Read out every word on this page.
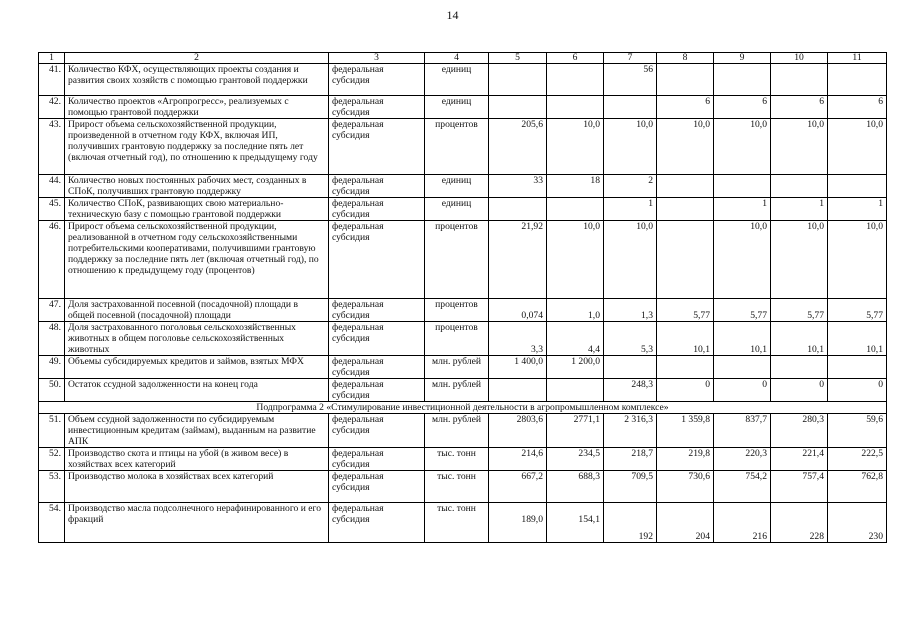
14
1	2	3	4	5	6	7	8	9	10	11
41.	Количество КФХ, осуществляющих проекты создания и развития своих хозяйств с помощью грантовой поддержки	федеральная субсидия	единиц			56				
42.	Количество проектов «Агропрогресс», реализуемых с помощью грантовой поддержки	федеральная субсидия	единиц				6	6	6	6
43.	Прирост объема сельскохозяйственной продукции, произведенной в отчетном году КФХ, включая ИП, получивших грантовую поддержку за последние пять лет (включая отчетный год), по отношению к предыдущему году	федеральная субсидия	процентов	205,6	10,0	10,0	10,0	10,0	10,0	10,0
44.	Количество новых постоянных рабочих мест, созданных в СПоК, получивших грантовую поддержку	федеральная субсидия	единиц	33	18	2				
45.	Количество СПоК, развивающих свою материально-техническую базу с помощью грантовой поддержки	федеральная субсидия	единиц			1		1	1	1
46.	Прирост объема сельскохозяйственной продукции, реализованной в отчетном году сельскохозяйственными потребительскими кооперативами, получившими грантовую поддержку за последние пять лет (включая отчетный год), по отношению к предыдущему году (процентов)	федеральная субсидия	процентов	21,92	10,0	10,0		10,0	10,0	10,0
47.	Доля застрахованной посевной (посадочной) площади в общей посевной (посадочной) площади	федеральная субсидия	процентов	0,074	1,0	1,3	5,77	5,77	5,77	5,77
48.	Доля застрахованного поголовья сельскохозяйственных животных в общем поголовье сельскохозяйственных животных	федеральная субсидия	процентов	3,3	4,4	5,3	10,1	10,1	10,1	10,1
49.	Объемы субсидируемых кредитов и займов, взятых МФХ	федеральная субсидия	млн. рублей	1 400,0	1 200,0					
50.	Остаток ссудной задолженности на конец года	федеральная субсидия	млн. рублей			248,3	0	0	0	0
Подпрограмма 2 «Стимулирование инвестиционной деятельности в агропромышленном комплексе»										
51.	Объем ссудной задолженности по субсидируемым инвестиционным кредитам (займам), выданным на развитие АПК	федеральная субсидия	млн. рублей	2803,6	2771,1	2 316,3	1 359,8	837,7	280,3	59,6
52.	Производство скота и птицы на убой (в живом весе) в хозяйствах всех категорий	федеральная субсидия	тыс. тонн	214,6	234,5	218,7	219,8	220,3	221,4	222,5
53.	Производство молока в хозяйствах всех категорий	федеральная субсидия	тыс. тонн	667,2	688,3	709,5	730,6	754,2	757,4	762,8
54.	Производство масла подсолнечного нерафинированного и его фракций	федеральная субсидия	тыс. тонн	189,0	154,1	192	204	216	228	230
